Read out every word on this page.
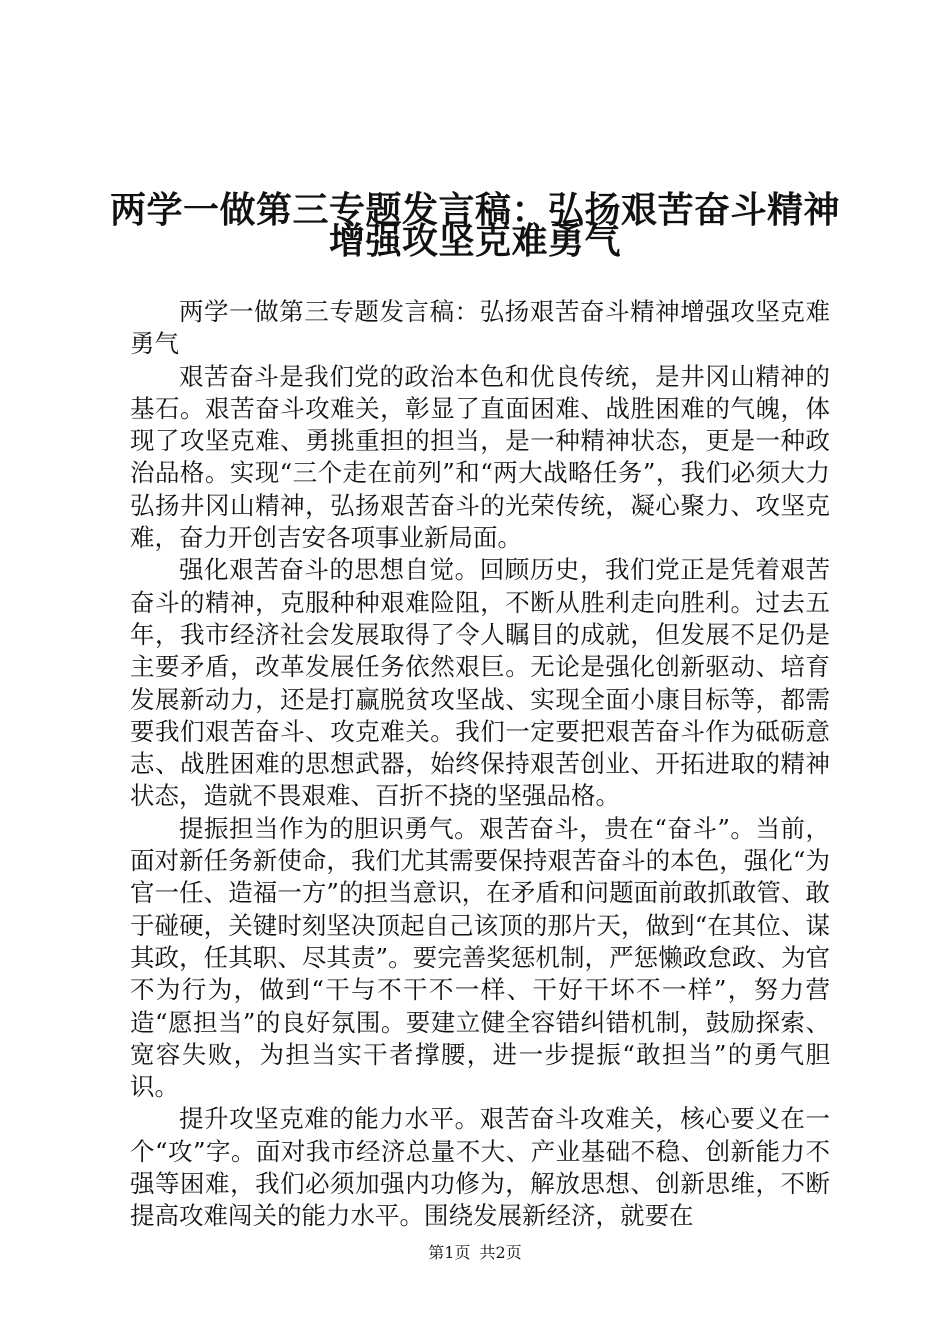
两学一做第三专题发言稿：弘扬艰苦奋斗精神
增强攻坚克难勇气

两学一做第三专题发言稿：弘扬艰苦奋斗精神增强攻坚克难勇气

艰苦奋斗是我们党的政治本色和优良传统，是井冈山精神的基石。艰苦奋斗攻难关，彰显了直面困难、战胜困难的气魄，体现了攻坚克难、勇挑重担的担当，是一种精神状态，更是一种政治品格。实现“三个走在前列”和“两大战略任务”，我们必须大力弘扬井冈山精神，弘扬艰苦奋斗的光荣传统，凝心聚力、攻坚克难，奋力开创吉安各项事业新局面。

强化艰苦奋斗的思想自觉。回顾历史，我们党正是凭着艰苦奋斗的精神，克服种种艰难险阻，不断从胜利走向胜利。过去五年，我市经济社会发展取得了令人瞩目的成就，但发展不足仍是主要矛盾，改革发展任务依然艰巨。无论是强化创新驱动、培育发展新动力，还是打赢脱贫攻坚战、实现全面小康目标等，都需要我们艰苦奋斗、攻克难关。我们一定要把艰苦奋斗作为砥砺意志、战胜困难的思想武器，始终保持艰苦创业、开拓进取的精神状态，造就不畏艰难、百折不挠的坚强品格。

提振担当作为的胆识勇气。艰苦奋斗，贵在“奋斗”。当前，面对新任务新使命，我们尤其需要保持艰苦奋斗的本色，强化“为官一任、造福一方”的担当意识，在矛盾和问题面前敢抓敢管、敢于碰硬，关键时刻坚决顶起自己该顶的那片天，做到“在其位、谋其政，任其职、尽其责”。要完善奖惩机制，严惩懒政怠政、为官不为行为，做到“干与不干不一样、干好干坏不一样”，努力营造“愿担当”的良好氛围。要建立健全容错纠错机制，鼓励探索、宽容失败，为担当实干者撑腰，进一步提振“敢担当”的勇气胆识。

提升攻坚克难的能力水平。艰苦奋斗攻难关，核心要义在一个“攻”字。面对我市经济总量不大、产业基础不稳、创新能力不强等困难，我们必须加强内功修为，解放思想、创新思维，不断提高攻难闯关的能力水平。围绕发展新经济，就要在

第1页 共2页
